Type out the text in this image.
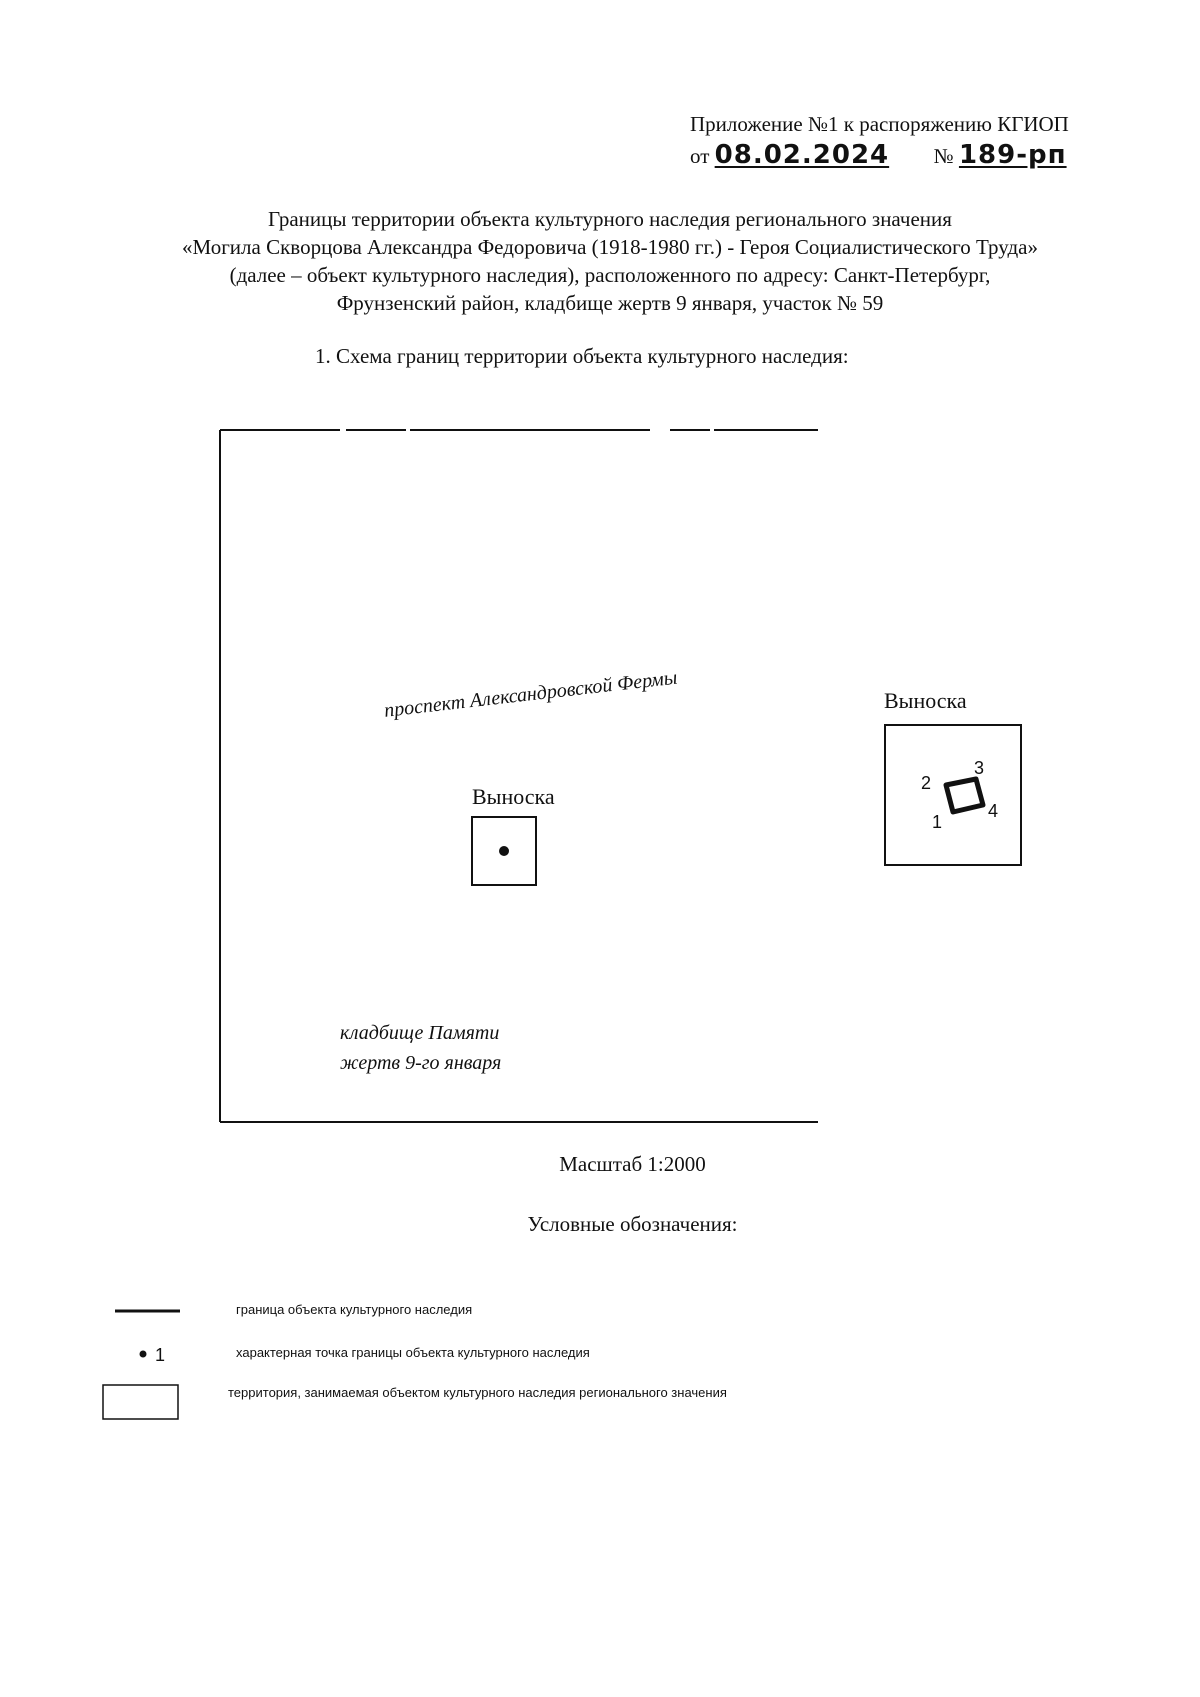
Приложение №1 к распоряжению КГИОП
от 08.02.2024 № 189-рп
Границы территории объекта культурного наследия регионального значения
«Могила Скворцова Александра Федоровича (1918-1980 гг.) - Героя Социалистического Труда»
(далее – объект культурного наследия), расположенного по адресу: Санкт-Петербург,
Фрунзенский район, кладбище жертв 9 января, участок № 59
1. Схема границ территории объекта культурного наследия:
проспект Александровской Фермы
Выноска
Выноска
1
2
3
4
кладбище Памяти
жертв 9-го января
Масштаб 1:2000
Условные обозначения:
1
граница объекта культурного наследия
характерная точка границы объекта культурного наследия
территория, занимаемая объектом культурного наследия регионального значения
